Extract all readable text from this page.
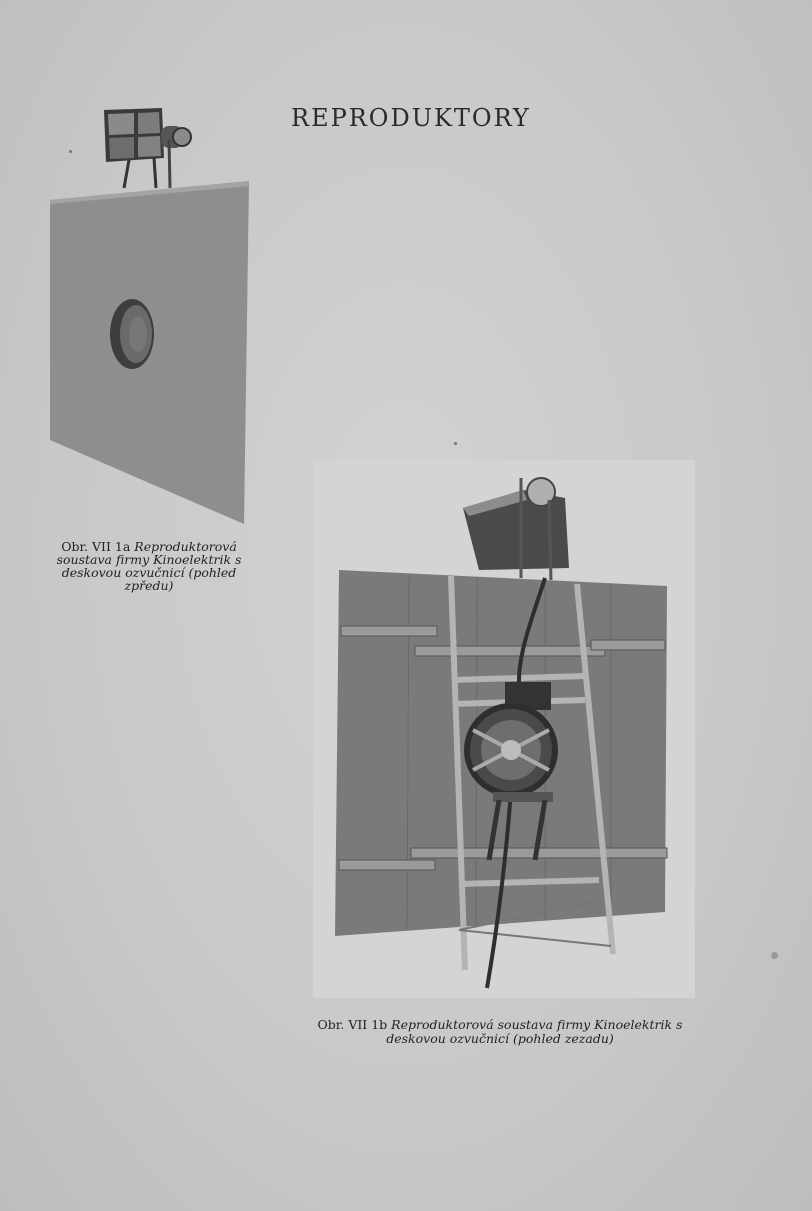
REPRODUKTORY
Obr. VII 1a Reproduktorová soustava firmy Kinoelektrik s deskovou ozvučnicí (pohled zpředu)
Obr. VII 1b Reproduktorová soustava firmy Kinoelektrik s deskovou ozvučnicí (pohled zezadu)
